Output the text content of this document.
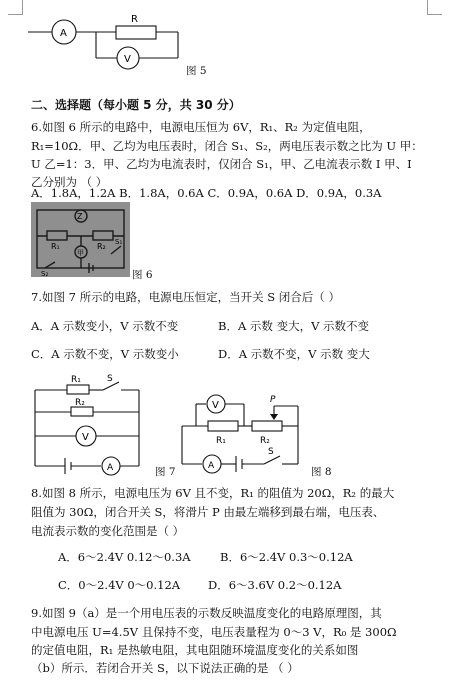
A
R
V
图 5
二、选择题（每小题 5 分，共 30 分）
6.如图 6 所示的电路中，电源电压恒为 6V，R₁、R₂ 为定值电阻，
R₁=10Ω．甲、乙均为电压表时，闭合 S₁、S₂，两电压表示数之比为 U 甲：
U 乙=1：3．甲、乙均为电流表时，仅闭合 S₁，甲、乙电流表示数 I 甲、I
乙分别为 （ ）
A．1.8A，1.2A B．1.8A，0.6A C．0.9A，0.6A D．0.9A，0.3A
Z
R₁	R₂
甲
S₁
S₂	图 6
7.如图 7 所示的电路，电源电压恒定，当开关 S 闭合后（ ）
A．A 示数变小，V 示数不变	B．A 示数 变大，V 示数不变
C．A 示数不变，V 示数变小	D．A 示数不变，V 示数 变大
R₁	S
R₂
V
A	图 7
V	P
R₁	R₂
A
S
图 8
8.如图 8 所示，电源电压为 6V 且不变，R₁ 的阻值为 20Ω，R₂ 的最大
阻值为 30Ω，闭合开关 S，将滑片 P 由最左端移到最右端，电压表、
电流表示数的变化范围是（ ）
A．6～2.4V 0.12～0.3A	B．6～2.4V 0.3～0.12A
C．0～2.4V 0～0.12A D．6～3.6V 0.2～0.12A
9.如图 9（a）是一个用电压表的示数反映温度变化的电路原理图，其
中电源电压 U=4.5V 且保持不变，电压表量程为 0～3 V，R₀ 是 300Ω
的定值电阻，R₁ 是热敏电阻，其电阻随环境温度变化的关系如图
（b）所示．若闭合开关 S，以下说法正确的是 （ ）
